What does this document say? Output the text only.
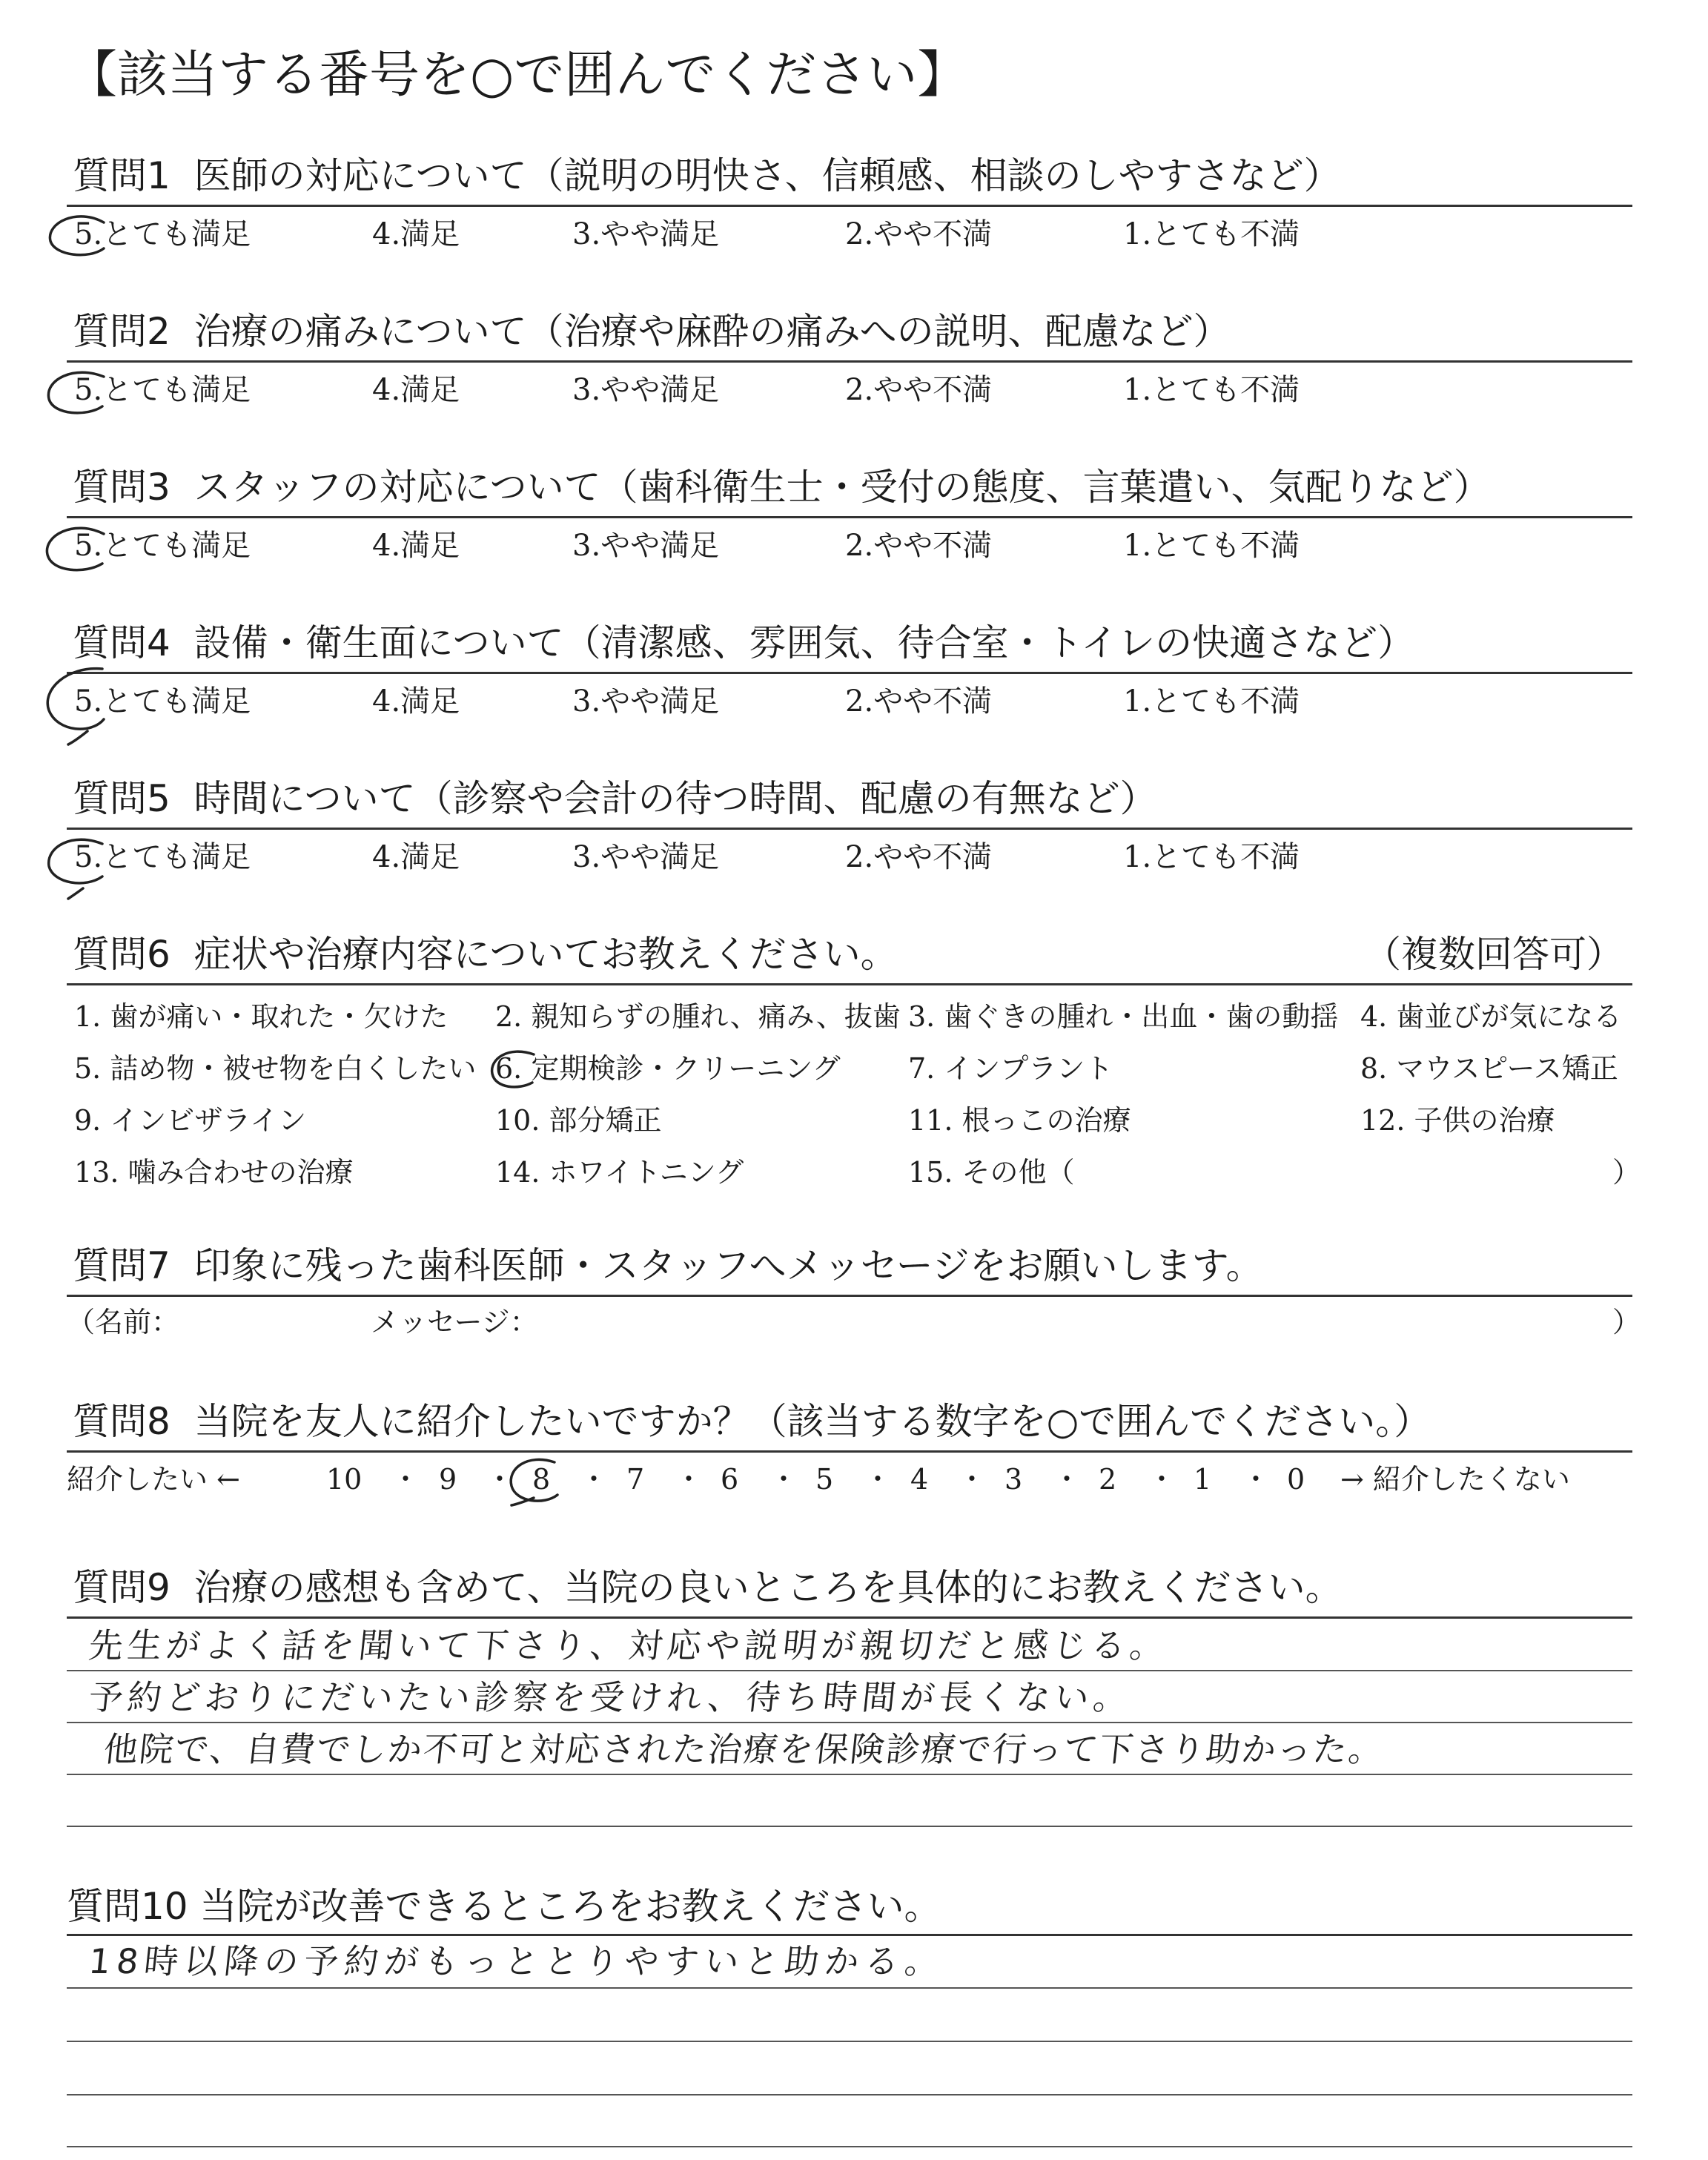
【該当する番号を○で囲んでください】
質問1 医師の対応について（説明の明快さ、信頼感、相談のしやすさなど）
5.とても満足	4.満足	3.やや満足	2.やや不満	1.とても不満
質問2 治療の痛みについて（治療や麻酔の痛みへの説明、配慮など）
5.とても満足	4.満足	3.やや満足	2.やや不満	1.とても不満
質問3 スタッフの対応について（歯科衛生士・受付の態度、言葉遣い、気配りなど）
5.とても満足	4.満足	3.やや満足	2.やや不満	1.とても不満
質問4 設備・衛生面について（清潔感、雰囲気、待合室・トイレの快適さなど）
5.とても満足	4.満足	3.やや満足	2.やや不満	1.とても不満
質問5 時間について（診察や会計の待つ時間、配慮の有無など）
5.とても満足	4.満足	3.やや満足	2.やや不満	1.とても不満
質問6 症状や治療内容についてお教えください。	（複数回答可）
1. 歯が痛い・取れた・欠けた 2. 親知らずの腫れ、痛み、抜歯 3. 歯ぐきの腫れ・出血・歯の動揺 4. 歯並びが気になる
5. 詰め物・被せ物を白くしたい 6. 定期検診・クリーニング 7. インプラント	8. マウスピース矯正
9. インビザライン	10. 部分矯正	11. 根っこの治療	12. 子供の治療
13. 噛み合わせの治療	14. ホワイトニング	15. その他（	）
質問7 印象に残った歯科医師・スタッフへメッセージをお願いします。
（名前：	メッセージ：	）
質問8 当院を友人に紹介したいですか？（該当する数字を○で囲んでください。）
紹介したい ←	10 ・ 9 ・ 8 ・ 7 ・ 6 ・ 5 ・ 4 ・ 3 ・ 2 ・ 1 ・ 0 → 紹介したくない
質問9 治療の感想も含めて、当院の良いところを具体的にお教えください。
先生がよく話を聞いて下さり、対応や説明が親切だと感じる。
予約どおりにだいたい診察を受けれ、待ち時間が長くない。
他院で、自費でしか不可と対応された治療を保険診療で行って下さり助かった。
質問10 当院が改善できるところをお教えください。
18時以降の予約がもっととりやすいと助かる。
